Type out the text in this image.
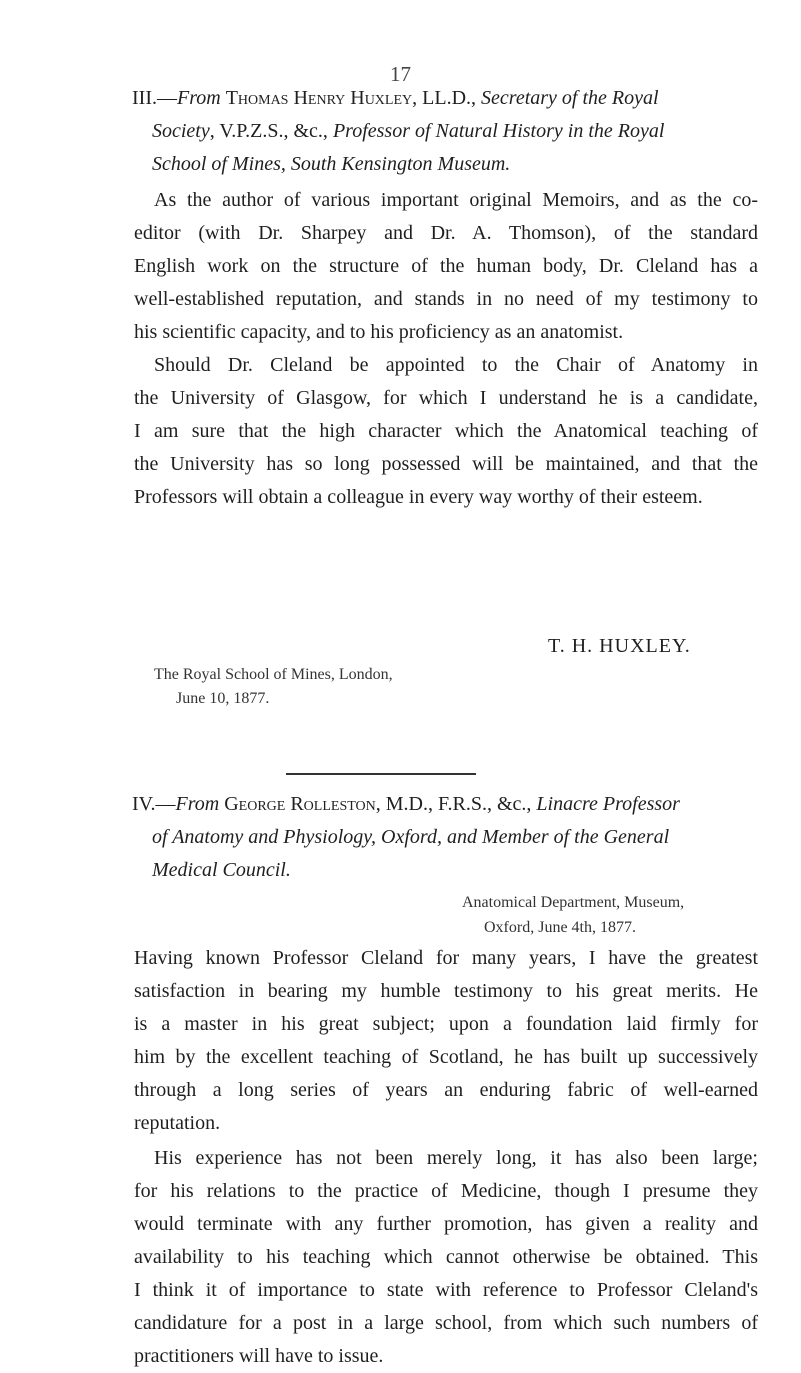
17
III.—From Thomas Henry Huxley, LL.D., Secretary of the Royal
Society, V.P.Z.S., &c., Professor of Natural History in the Royal
School of Mines, South Kensington Museum.
As the author of various important original Memoirs, and as the co-
editor (with Dr. Sharpey and Dr. A. Thomson), of the standard
English work on the structure of the human body, Dr. Cleland has a
well-established reputation, and stands in no need of my testimony to
his scientific capacity, and to his proficiency as an anatomist.
Should Dr. Cleland be appointed to the Chair of Anatomy in
the University of Glasgow, for which I understand he is a candidate,
I am sure that the high character which the Anatomical teaching of
the University has so long possessed will be maintained, and that the
Professors will obtain a colleague in every way worthy of their esteem.
T. H. HUXLEY.
The Royal School of Mines, London,
June 10, 1877.
IV.—From George Rolleston, M.D., F.R.S., &c., Linacre Professor
of Anatomy and Physiology, Oxford, and Member of the General
Medical Council.
Anatomical Department, Museum,
Oxford, June 4th, 1877.
Having known Professor Cleland for many years, I have the greatest
satisfaction in bearing my humble testimony to his great merits. He
is a master in his great subject; upon a foundation laid firmly for
him by the excellent teaching of Scotland, he has built up successively
through a long series of years an enduring fabric of well-earned
reputation.
His experience has not been merely long, it has also been large;
for his relations to the practice of Medicine, though I presume they
would terminate with any further promotion, has given a reality and
availability to his teaching which cannot otherwise be obtained. This
I think it of importance to state with reference to Professor Cleland's
candidature for a post in a large school, from which such numbers of
practitioners will have to issue.
